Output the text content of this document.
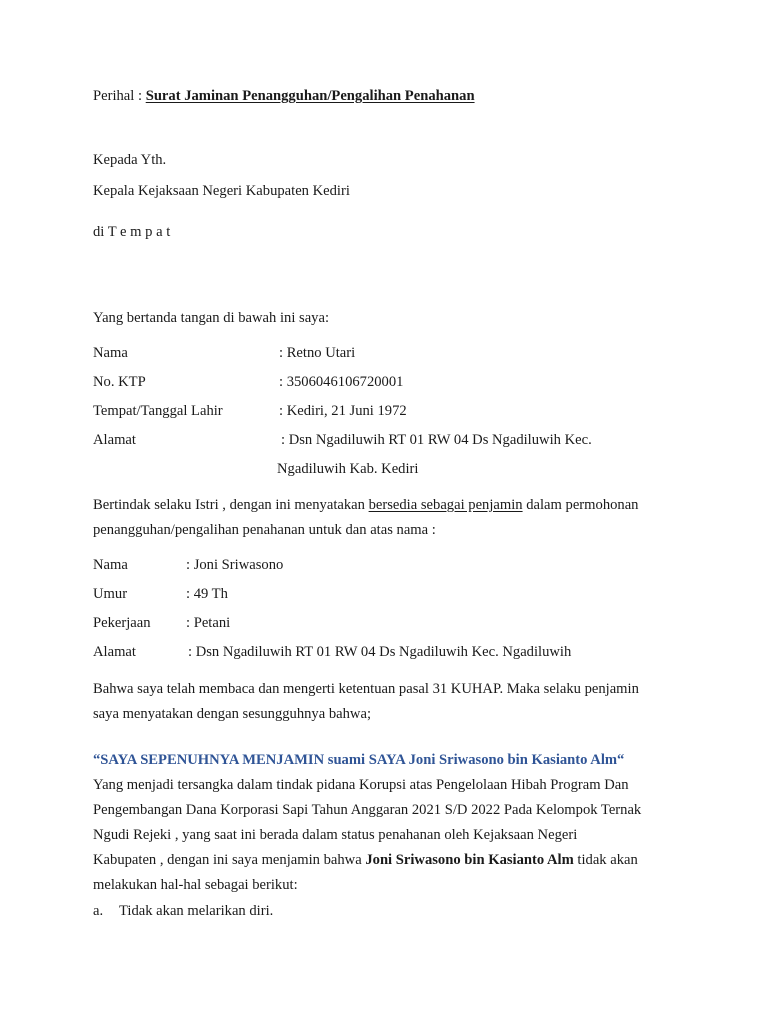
Perihal : Surat Jaminan Penangguhan/Pengalihan Penahanan
Kepada Yth.
Kepala Kejaksaan Negeri Kabupaten Kediri
di T e m p a t
Yang bertanda tangan di bawah ini saya:
Nama	: Retno Utari
No. KTP	: 3506046106720001
Tempat/Tanggal Lahir	: Kediri, 21 Juni 1972
Alamat	: Dsn Ngadiluwih RT 01 RW 04 Ds Ngadiluwih Kec.
Ngadiluwih Kab. Kediri
Bertindak selaku Istri , dengan ini menyatakan bersedia sebagai penjamin dalam permohonan
penangguhan/pengalihan penahanan untuk dan atas nama :
Nama	: Joni Sriwasono
Umur	: 49 Th
Pekerjaan : Petani
Alamat	: Dsn Ngadiluwih RT 01 RW 04 Ds Ngadiluwih Kec. Ngadiluwih
Bahwa saya telah membaca dan mengerti ketentuan pasal 31 KUHAP. Maka selaku penjamin
saya menyatakan dengan sesungguhnya bahwa;
“SAYA SEPENUHNYA MENJAMIN suami SAYA Joni Sriwasono bin Kasianto Alm“
Yang menjadi tersangka dalam tindak pidana Korupsi atas Pengelolaan Hibah Program Dan
Pengembangan Dana Korporasi Sapi Tahun Anggaran 2021 S/D 2022 Pada Kelompok Ternak
Ngudi Rejeki , yang saat ini berada dalam status penahanan oleh Kejaksaan Negeri
Kabupaten , dengan ini saya menjamin bahwa Joni Sriwasono bin Kasianto Alm tidak akan
melakukan hal-hal sebagai berikut:
a. Tidak akan melarikan diri.
